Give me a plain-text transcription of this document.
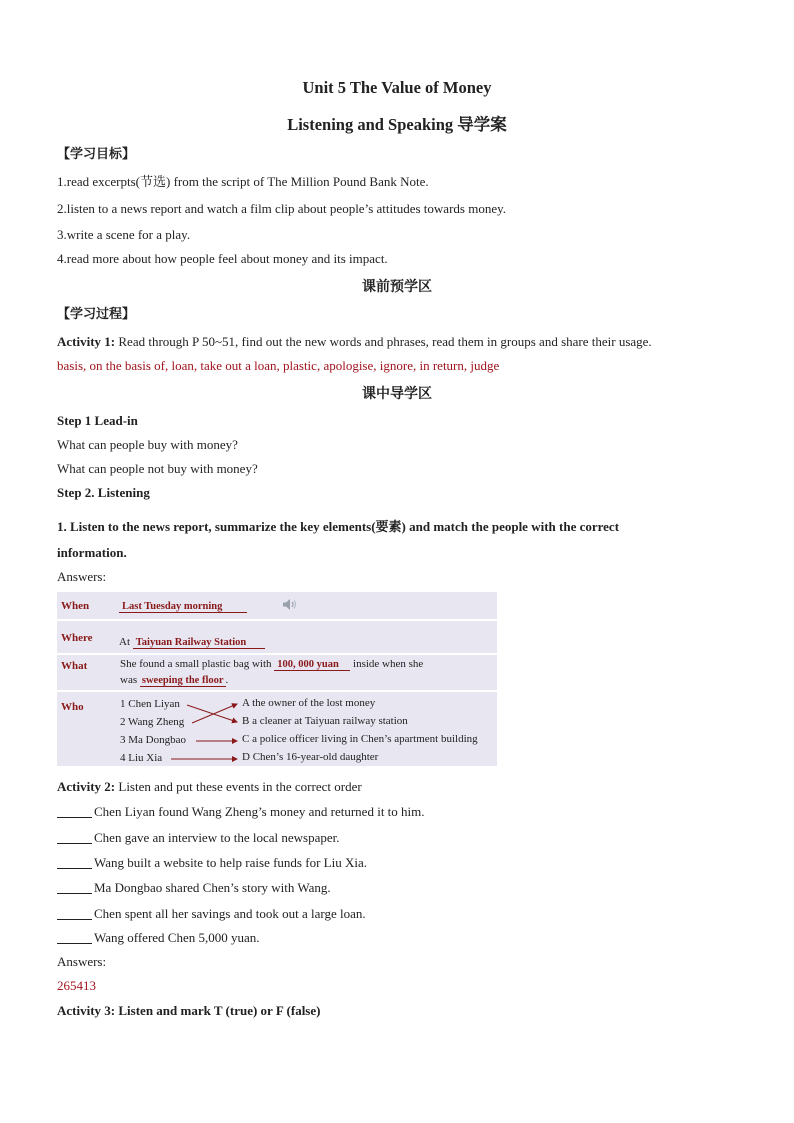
Unit 5 The Value of Money
Listening and Speaking 导学案
【学习目标】
1.read excerpts(节选) from the script of The Million Pound Bank Note.
2.listen to a news report and watch a film clip about people’s attitudes towards money.
3.write a scene for a play.
4.read more about how people feel about money and its impact.
课前预学区
【学习过程】
Activity 1: Read through P 50~51, find out the new words and phrases, read them in groups and share their usage.
basis, on the basis of, loan, take out a loan, plastic, apologise, ignore, in return, judge
课中导学区
Step 1 Lead-in
What can people buy with money?
What can people not buy with money?
Step 2. Listening
1. Listen to the news report, summarize the key elements(要素) and match the people with the correct
information.
Answers:
When	Last Tuesday morning
Where At Taiyuan Railway Station
What	She found a small plastic bag with 100, 000 yuan inside when she
was sweeping the floor .
Who	1 Chen Liyan
2 Wang Zheng
3 Ma Dongbao
4 Liu Xia
A the owner of the lost money
B a cleaner at Taiyuan railway station
C a police officer living in Chen’s apartment building
D Chen’s 16-year-old daughter
Activity 2: Listen and put these events in the correct order
Chen Liyan found Wang Zheng’s money and returned it to him.
Chen gave an interview to the local newspaper.
Wang built a website to help raise funds for Liu Xia.
Ma Dongbao shared Chen’s story with Wang.
Chen spent all her savings and took out a large loan.
Wang offered Chen 5,000 yuan.
Answers:
265413
Activity 3: Listen and mark T (true) or F (false)
